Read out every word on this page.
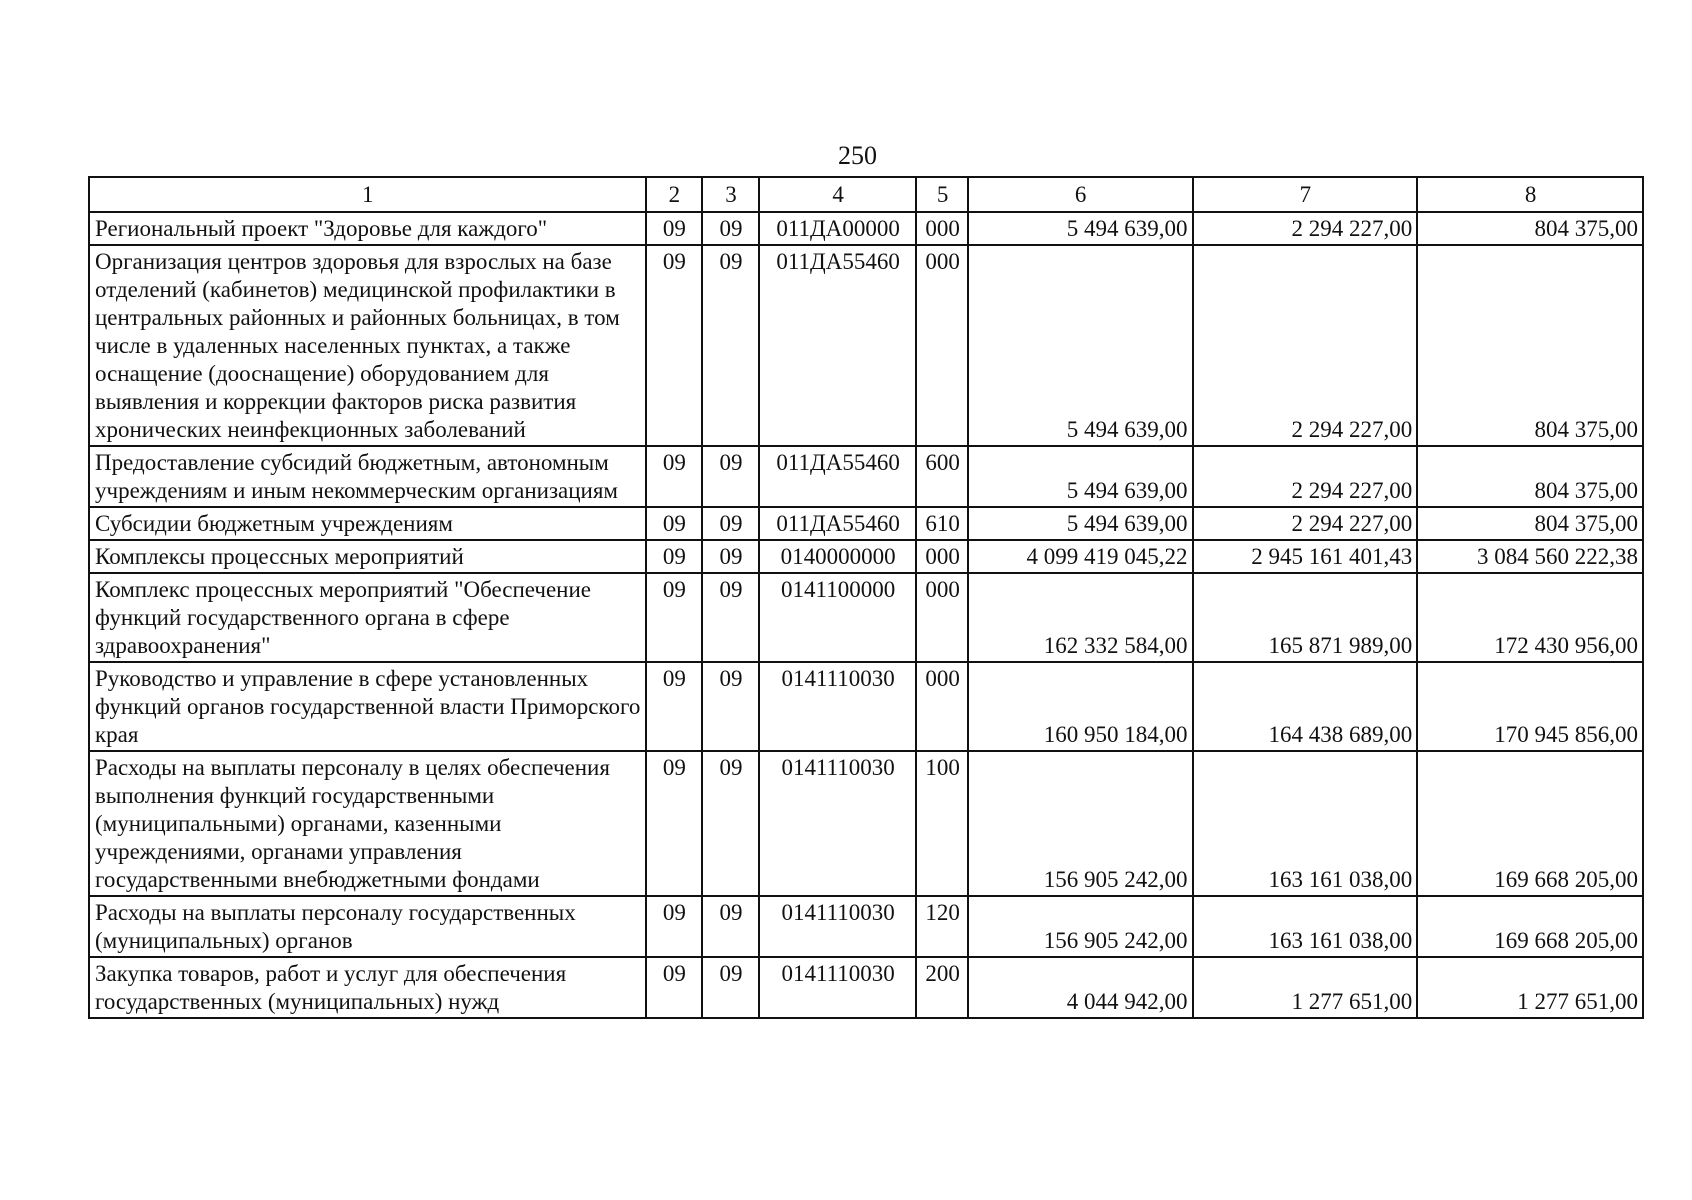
250
1	2	3	4	5	6	7	8
Региональный проект "Здоровье для каждого"	09	09	011ДА00000	000	5 494 639,00	2 294 227,00	804 375,00
Организация центров здоровья для взрослых на базе отделений (кабинетов) медицинской профилактики в центральных районных и районных больницах, в том числе в удаленных населенных пунктах, а также оснащение (дооснащение) оборудованием для выявления и коррекции факторов риска развития хронических неинфекционных заболеваний	09	09	011ДА55460	000	5 494 639,00	2 294 227,00	804 375,00
Предоставление субсидий бюджетным, автономным учреждениям и иным некоммерческим организациям	09	09	011ДА55460	600	5 494 639,00	2 294 227,00	804 375,00
Субсидии бюджетным учреждениям	09	09	011ДА55460	610	5 494 639,00	2 294 227,00	804 375,00
Комплексы процессных мероприятий	09	09	0140000000	000	4 099 419 045,22	2 945 161 401,43	3 084 560 222,38
Комплекс процессных мероприятий "Обеспечение функций государственного органа в сфере здравоохранения"	09	09	0141100000	000	162 332 584,00	165 871 989,00	172 430 956,00
Руководство и управление в сфере установленных функций органов государственной власти Приморского края	09	09	0141110030	000	160 950 184,00	164 438 689,00	170 945 856,00
Расходы на выплаты персоналу в целях обеспечения выполнения функций государственными (муниципальными) органами, казенными учреждениями, органами управления государственными внебюджетными фондами	09	09	0141110030	100	156 905 242,00	163 161 038,00	169 668 205,00
Расходы на выплаты персоналу государственных (муниципальных) органов	09	09	0141110030	120	156 905 242,00	163 161 038,00	169 668 205,00
Закупка товаров, работ и услуг для обеспечения государственных (муниципальных) нужд	09	09	0141110030	200	4 044 942,00	1 277 651,00	1 277 651,00
